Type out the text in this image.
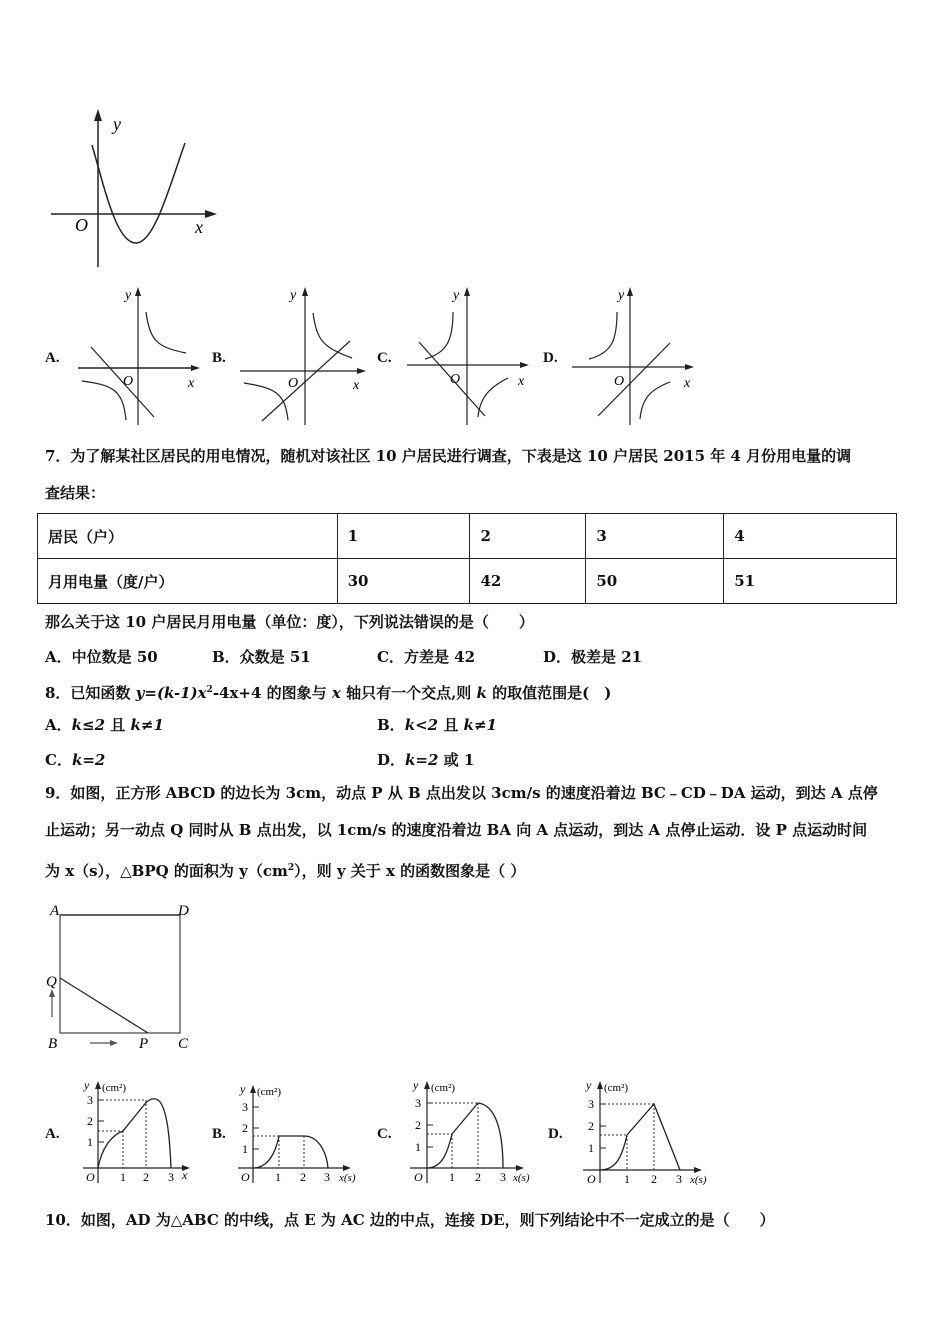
y
O	x
A.
y
O	x
B.
y
O	x
C.
y
O	x
D.
y
O	x
7．为了解某社区居民的用电情况，随机对该社区 10 户居民进行调查，下表是这 10 户居民 2015 年 4 月份用电量的调
查结果：
居民（户）	1	2	3	4
月用电量（度/户）	30	42	50	51
那么关于这 10 户居民月用电量（单位：度），下列说法错误的是（　　）
A．中位数是 50	B．众数是 51	C．方差是 42	D．极差是 21
8．已知函数 $y=(k-1)x^2-4x+4$ 的图象与 x 轴只有一个交点,则 k 的取值范围是(　)
A．k≤2 且 k≠1	B．k<2 且 k≠1
C．k=2	D．k=2 或 1
9．如图，正方形 ABCD 的边长为 3cm，动点 P 从 B 点出发以 3cm/s 的速度沿着边 BC﹣CD﹣DA 运动，到达 A 点停
止运动；另一动点 Q 同时从 B 点出发，以 1cm/s 的速度沿着边 BA 向 A 点运动，到达 A 点停止运动．设 P 点运动时间
为 x（s），△BPQ 的面积为 $y(cm^2)$，则 y 关于 x 的函数图象是（ ）
A	D
Q
B	P C
A.
y (cm²)
1
2
3
O 1 2 3 x
B.
y (cm²)
1
2
3
O 1 2 3 x(s)
C.
y (cm²)
1
2
3
O 1 2 3 x(s)
D.
y (cm²)
1
2
3
O 1 2 3 x(s)
10．如图，AD 为△ABC 的中线，点 E 为 AC 边的中点，连接 DE，则下列结论中不一定成立的是（　　）
